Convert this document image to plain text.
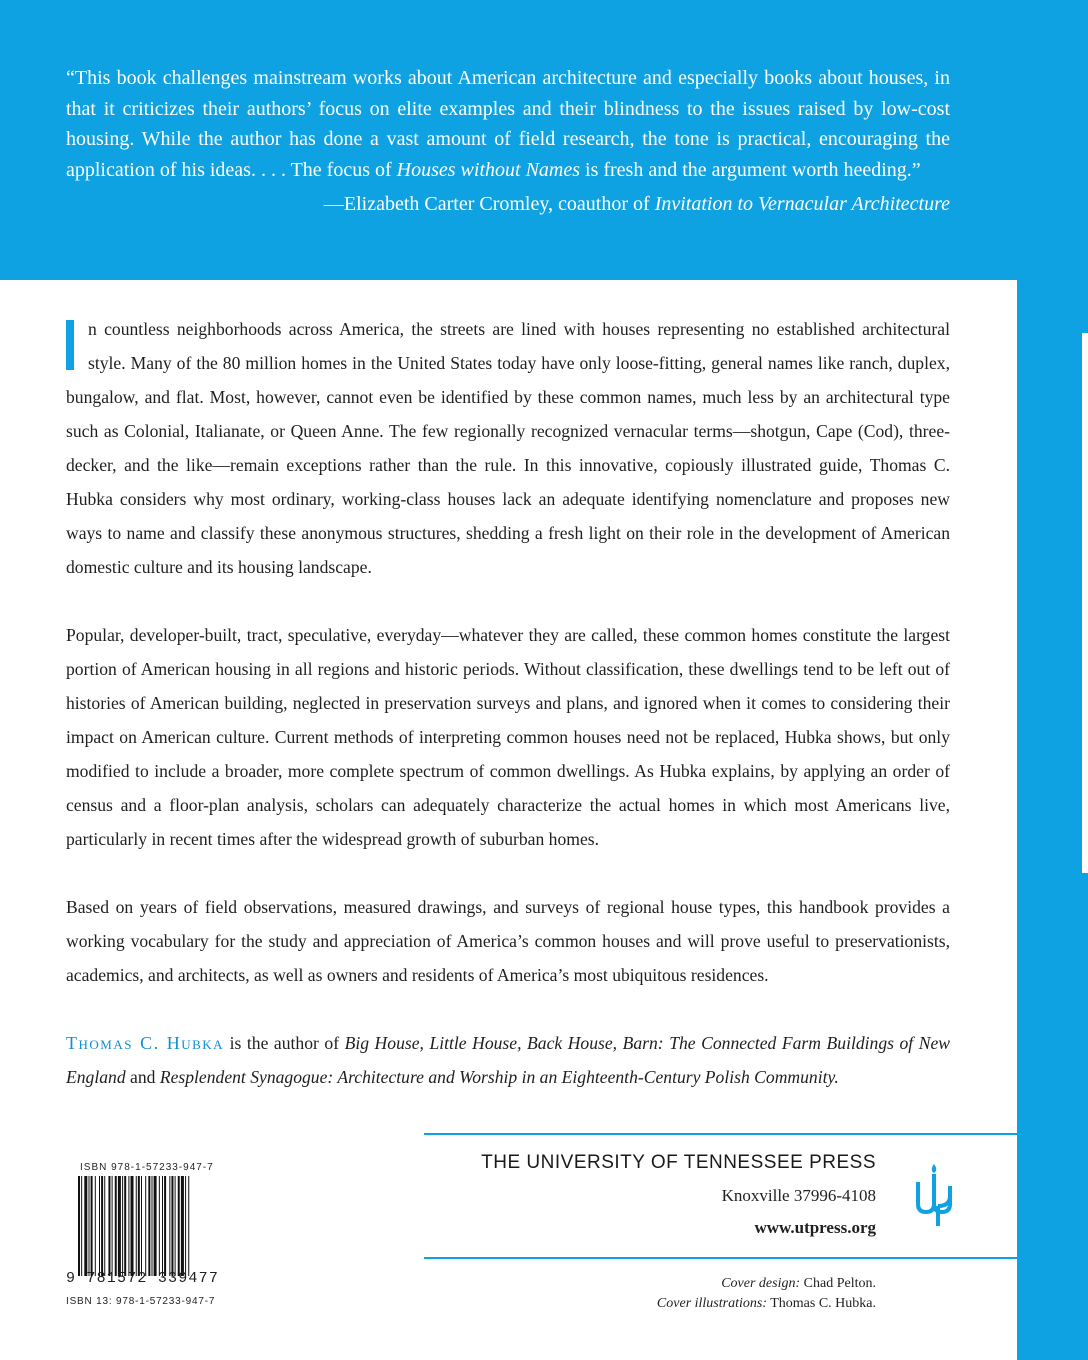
“This book challenges mainstream works about American architecture and especially books about houses, in that it criticizes their authors’ focus on elite examples and their blindness to the issues raised by low-cost housing. While the author has done a vast amount of field research, the tone is practical, encouraging the application of his ideas. . . . The focus of Houses without Names is fresh and the argument worth heeding.”

—Elizabeth Carter Cromley, coauthor of Invitation to Vernacular Architecture

n countless neighborhoods across America, the streets are lined with houses representing no established architectural style. Many of the 80 million homes in the United States today have only loose-fitting, general names like ranch, duplex, bungalow, and flat. Most, however, cannot even be identified by these common names, much less by an architectural type such as Colonial, Italianate, or Queen Anne. The few regionally recognized vernacular terms—shotgun, Cape (Cod), three-decker, and the like—remain exceptions rather than the rule. In this innovative, copiously illustrated guide, Thomas C. Hubka considers why most ordinary, working-class houses lack an adequate identifying nomenclature and proposes new ways to name and classify these anonymous structures, shedding a fresh light on their role in the development of American domestic culture and its housing landscape.

Popular, developer-built, tract, speculative, everyday—whatever they are called, these common homes constitute the largest portion of American housing in all regions and historic periods. Without classification, these dwellings tend to be left out of histories of American building, neglected in preservation surveys and plans, and ignored when it comes to considering their impact on American culture. Current methods of interpreting common houses need not be replaced, Hubka shows, but only modified to include a broader, more complete spectrum of common dwellings. As Hubka explains, by applying an order of census and a floor-plan analysis, scholars can adequately characterize the actual homes in which most Americans live, particularly in recent times after the widespread growth of suburban homes.

Based on years of field observations, measured drawings, and surveys of regional house types, this handbook provides a working vocabulary for the study and appreciation of America’s common houses and will prove useful to preservationists, academics, and architects, as well as owners and residents of America’s most ubiquitous residences.

Thomas C. Hubka is the author of Big House, Little House, Back House, Barn: The Connected Farm Buildings of New England and Resplendent Synagogue: Architecture and Worship in an Eighteenth-Century Polish Community.

THE UNIVERSITY OF TENNESSEE PRESS
Knoxville 37996-4108
www.utpress.org
Cover design: Chad Pelton.
Cover illustrations: Thomas C. Hubka.
ISBN 978-1-57233-947-7
9 781572 339477
ISBN 13: 978-1-57233-947-7
